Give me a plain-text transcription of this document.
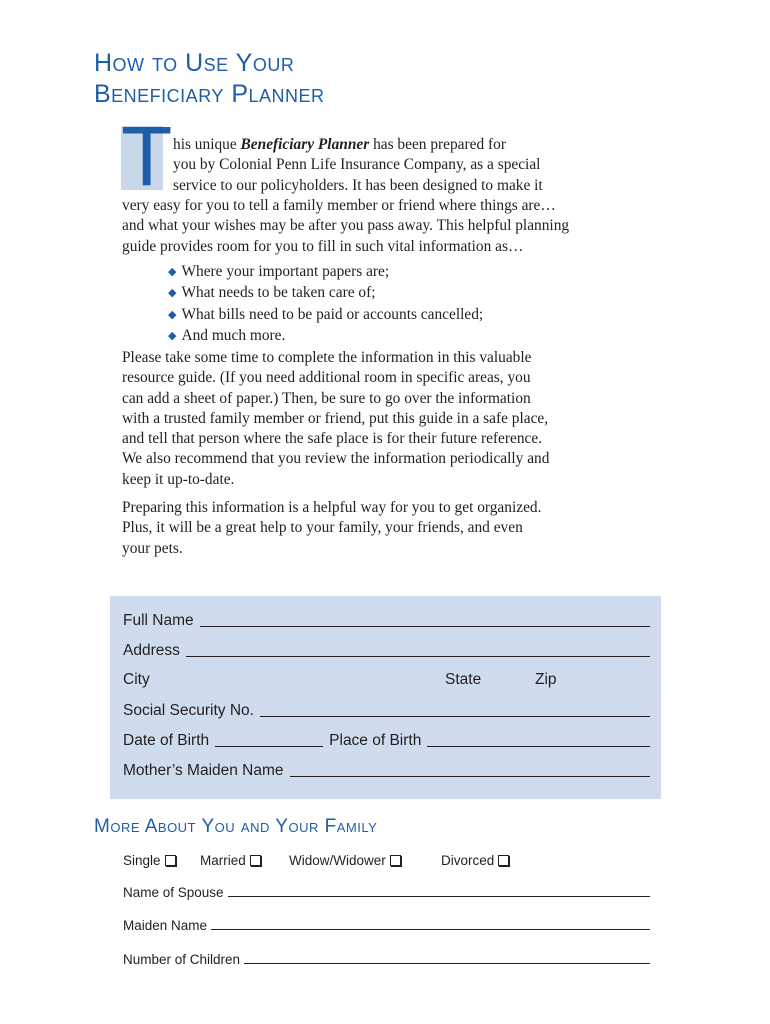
How to Use Your
Beneficiary Planner
T his unique Beneficiary Planner has been prepared for
you by Colonial Penn Life Insurance Company, as a special
service to our policyholders. It has been designed to make it
very easy for you to tell a family member or friend where things are…
and what your wishes may be after you pass away. This helpful planning
guide provides room for you to fill in such vital information as…
◆ Where your important papers are;
◆ What needs to be taken care of;
◆ What bills need to be paid or accounts cancelled;
◆ And much more.
Please take some time to complete the information in this valuable
resource guide. (If you need additional room in specific areas, you
can add a sheet of paper.) Then, be sure to go over the information
with a trusted family member or friend, put this guide in a safe place,
and tell that person where the safe place is for their future reference.
We also recommend that you review the information periodically and
keep it up-to-date.
Preparing this information is a helpful way for you to get organized.
Plus, it will be a great help to your family, your friends, and even
your pets.
Full Name
Address
City	State	Zip
Social Security No.
Date of Birth	Place of Birth
Mother’s Maiden Name
More About You and Your Family
Single	Married	Widow/Widower	Divorced
Name of Spouse
Maiden Name
Number of Children
